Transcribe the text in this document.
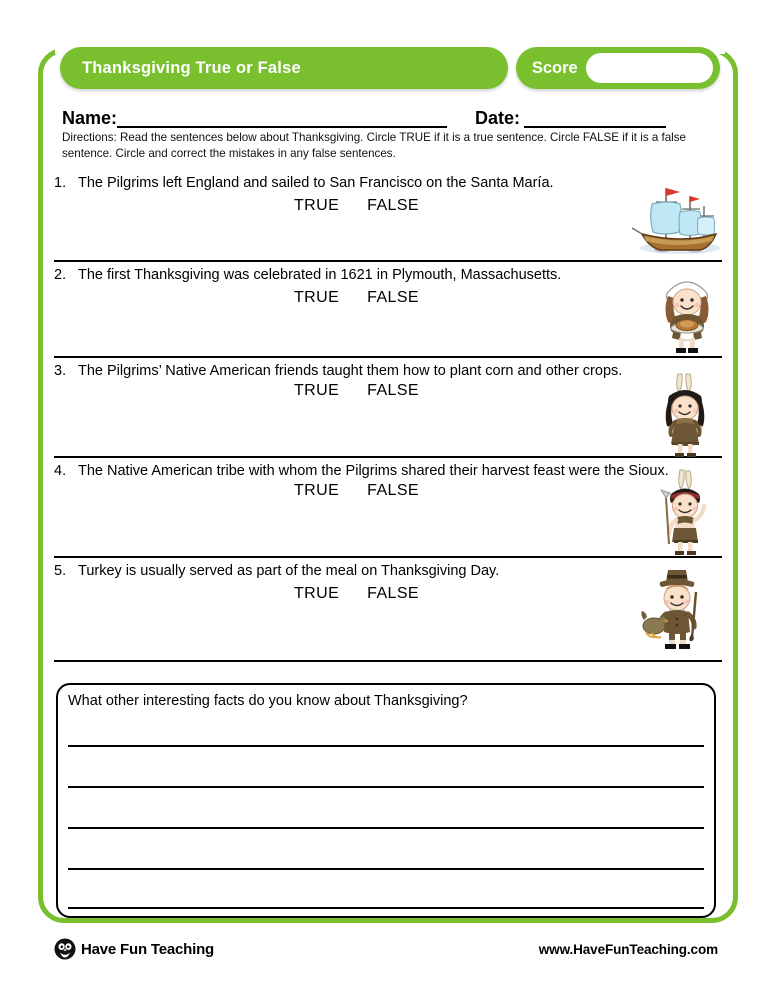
Thanksgiving True or False	Score
Name:	Date:
Directions: Read the sentences below about Thanksgiving. Circle TRUE if it is a true sentence. Circle FALSE if it is a false sentence. Circle and correct the mistakes in any false sentences.
1. The Pilgrims left England and sailed to San Francisco on the Santa María.
TRUE FALSE
2. The first Thanksgiving was celebrated in 1621 in Plymouth, Massachusetts.
TRUE FALSE
3. The Pilgrims’ Native American friends taught them how to plant corn and other crops.
TRUE FALSE
4. The Native American tribe with whom the Pilgrims shared their harvest feast were the Sioux.
TRUE FALSE
5. Turkey is usually served as part of the meal on Thanksgiving Day.
TRUE FALSE
What other interesting facts do you know about Thanksgiving?
Have Fun Teaching	www.HaveFunTeaching.com
